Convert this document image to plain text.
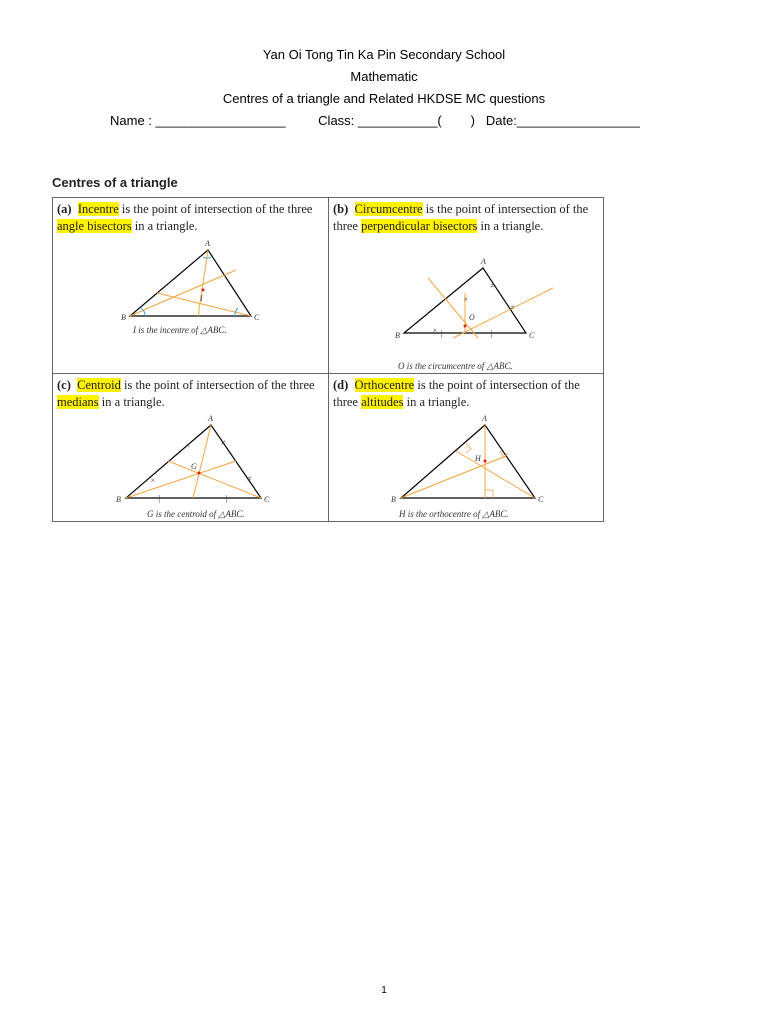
Yan Oi Tong Tin Ka Pin Secondary School
Mathematic
Centres of a triangle and Related HKDSE MC questions
Name : __________________	Class: ___________(        ) Date:_________________
Centres of a triangle
(a) Incentre is the point of intersection of the three angle bisectors in a triangle.
A
B	C
I
I is the incentre of △ABC.
(b) Circumcentre is the point of intersection of the three perpendicular bisectors in a triangle.
×
×
≠
≠
|	|
A
B	C
O
O is the circumcentre of △ABC.
(c) Centroid is the point of intersection of the three medians in a triangle.
×
×
≠
≠
|	|
A
B	C
G
G is the centroid of △ABC.
(d) Orthocentre is the point of intersection of the three altitudes in a triangle.
A
B	C
H
H is the orthocentre of △ABC.
1
